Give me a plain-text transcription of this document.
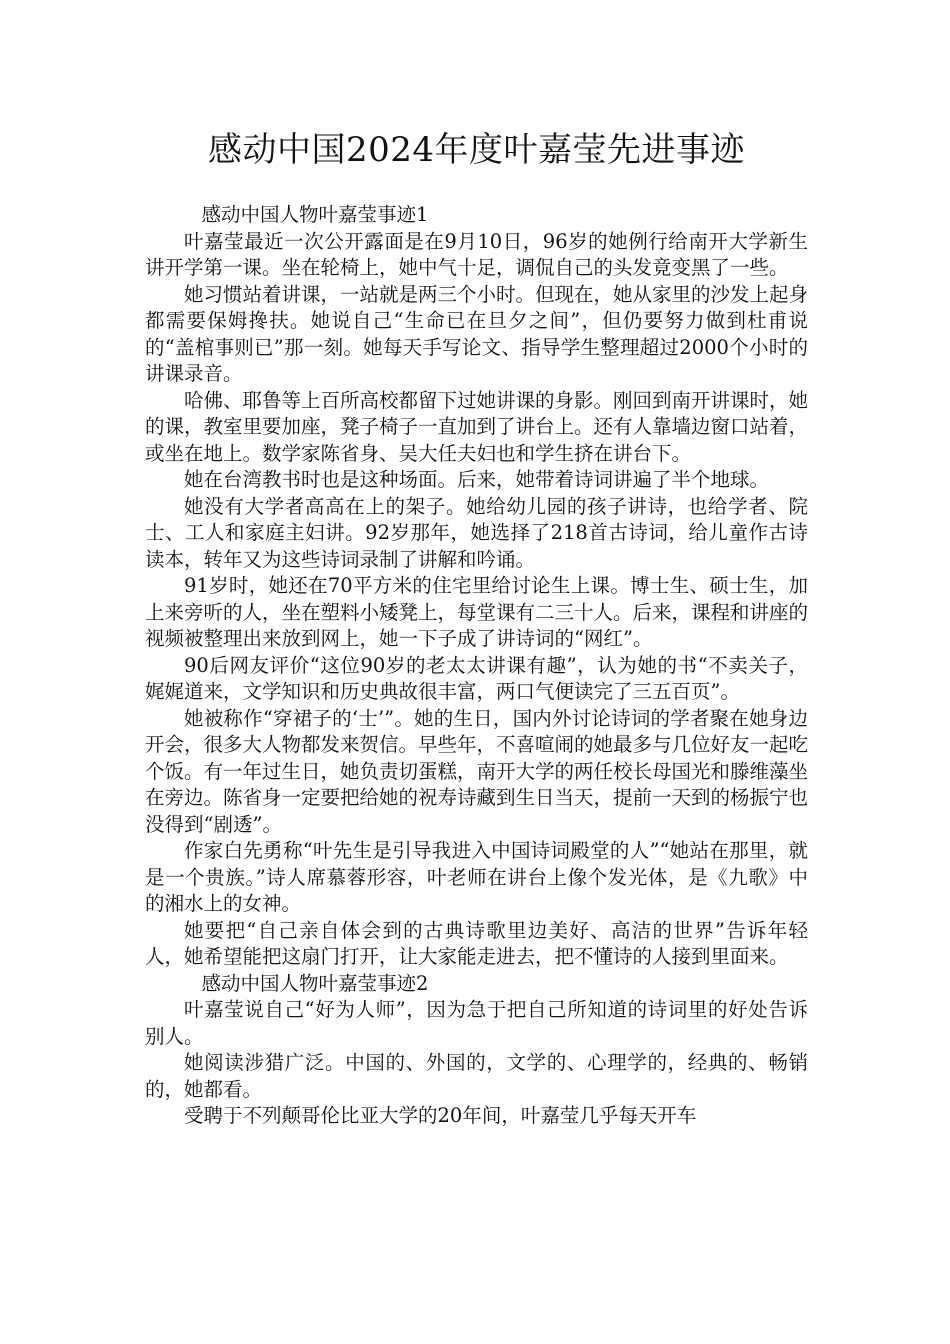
感动中国2024年度叶嘉莹先进事迹

感动中国人物叶嘉莹事迹1

叶嘉莹最近一次公开露面是在9月10日，96岁的她例行给南开大学新生讲开学第一课。坐在轮椅上，她中气十足，调侃自己的头发竟变黑了一些。

她习惯站着讲课，一站就是两三个小时。但现在，她从家里的沙发上起身都需要保姆搀扶。她说自己“生命已在旦夕之间”，但仍要努力做到杜甫说的“盖棺事则已”那一刻。她每天手写论文、指导学生整理超过2000个小时的讲课录音。

哈佛、耶鲁等上百所高校都留下过她讲课的身影。刚回到南开讲课时，她的课，教室里要加座，凳子椅子一直加到了讲台上。还有人靠墙边窗口站着，或坐在地上。数学家陈省身、吴大任夫妇也和学生挤在讲台下。

她在台湾教书时也是这种场面。后来，她带着诗词讲遍了半个地球。

她没有大学者高高在上的架子。她给幼儿园的孩子讲诗，也给学者、院士、工人和家庭主妇讲。92岁那年，她选择了218首古诗词，给儿童作古诗读本，转年又为这些诗词录制了讲解和吟诵。

91岁时，她还在70平方米的住宅里给讨论生上课。博士生、硕士生，加上来旁听的人，坐在塑料小矮凳上，每堂课有二三十人。后来，课程和讲座的视频被整理出来放到网上，她一下子成了讲诗词的“网红”。

90后网友评价“这位90岁的老太太讲课有趣”，认为她的书“不卖关子，娓娓道来，文学知识和历史典故很丰富，两口气便读完了三五百页”。

她被称作“穿裙子的‘士’”。她的生日，国内外讨论诗词的学者聚在她身边开会，很多大人物都发来贺信。早些年，不喜喧闹的她最多与几位好友一起吃个饭。有一年过生日，她负责切蛋糕，南开大学的两任校长母国光和滕维藻坐在旁边。陈省身一定要把给她的祝寿诗藏到生日当天，提前一天到的杨振宁也没得到“剧透”。

作家白先勇称“叶先生是引导我进入中国诗词殿堂的人”“她站在那里，就是一个贵族。”诗人席慕蓉形容，叶老师在讲台上像个发光体，是《九歌》中的湘水上的女神。

她要把“自己亲自体会到的古典诗歌里边美好、高洁的世界”告诉年轻人，她希望能把这扇门打开，让大家能走进去，把不懂诗的人接到里面来。

感动中国人物叶嘉莹事迹2

叶嘉莹说自己“好为人师”，因为急于把自己所知道的诗词里的好处告诉别人。

她阅读涉猎广泛。中国的、外国的，文学的、心理学的，经典的、畅销的，她都看。

受聘于不列颠哥伦比亚大学的20年间，叶嘉莹几乎每天开车
